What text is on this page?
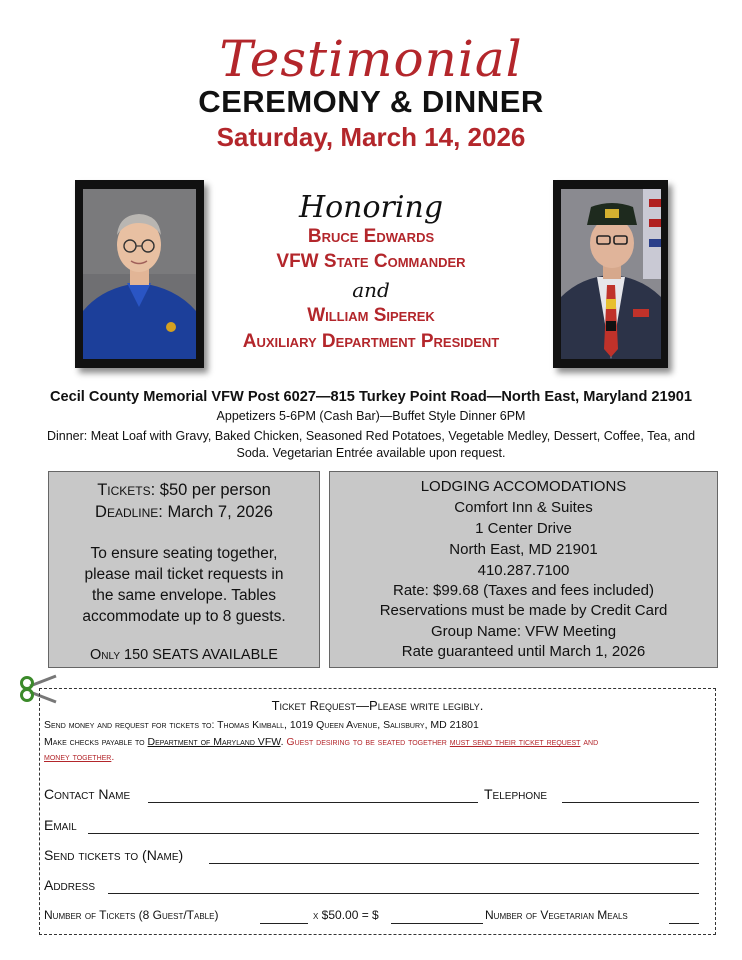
Testimonial
CEREMONY & DINNER
Saturday, March 14, 2026
Honoring
Bruce Edwards
VFW State Commander
and
William Siperek
Auxiliary Department President
Cecil County Memorial VFW Post 6027—815 Turkey Point Road—North East, Maryland 21901
Appetizers 5-6PM (Cash Bar)—Buffet Style Dinner 6PM
Dinner: Meat Loaf with Gravy, Baked Chicken, Seasoned Red Potatoes, Vegetable Medley, Dessert, Coffee, Tea, and Soda. Vegetarian Entrée available upon request.
Tickets: $50 per person
Deadline: March 7, 2026
To ensure seating together,
please mail ticket requests in
the same envelope. Tables
accommodate up to 8 guests.
Only 150 SEATS AVAILABLE
LODGING ACCOMODATIONS
Comfort Inn & Suites
1 Center Drive
North East, MD 21901
410.287.7100
Rate: $99.68 (Taxes and fees included)
Reservations must be made by Credit Card
Group Name: VFW Meeting
Rate guaranteed until March 1, 2026
Ticket Request—Please write legibly.
Send money and request for tickets to: Thomas Kimball, 1019 Queen Avenue, Salisbury, MD 21801
Make checks payable to Department of Maryland VFW. Guest desiring to be seated together must send their ticket request and
money together.
Contact Name	Telephone
Email
Send tickets to (Name)
Address
Number of Tickets (8 Guest/Table)	x $50.00 = $	Number of Vegetarian Meals
